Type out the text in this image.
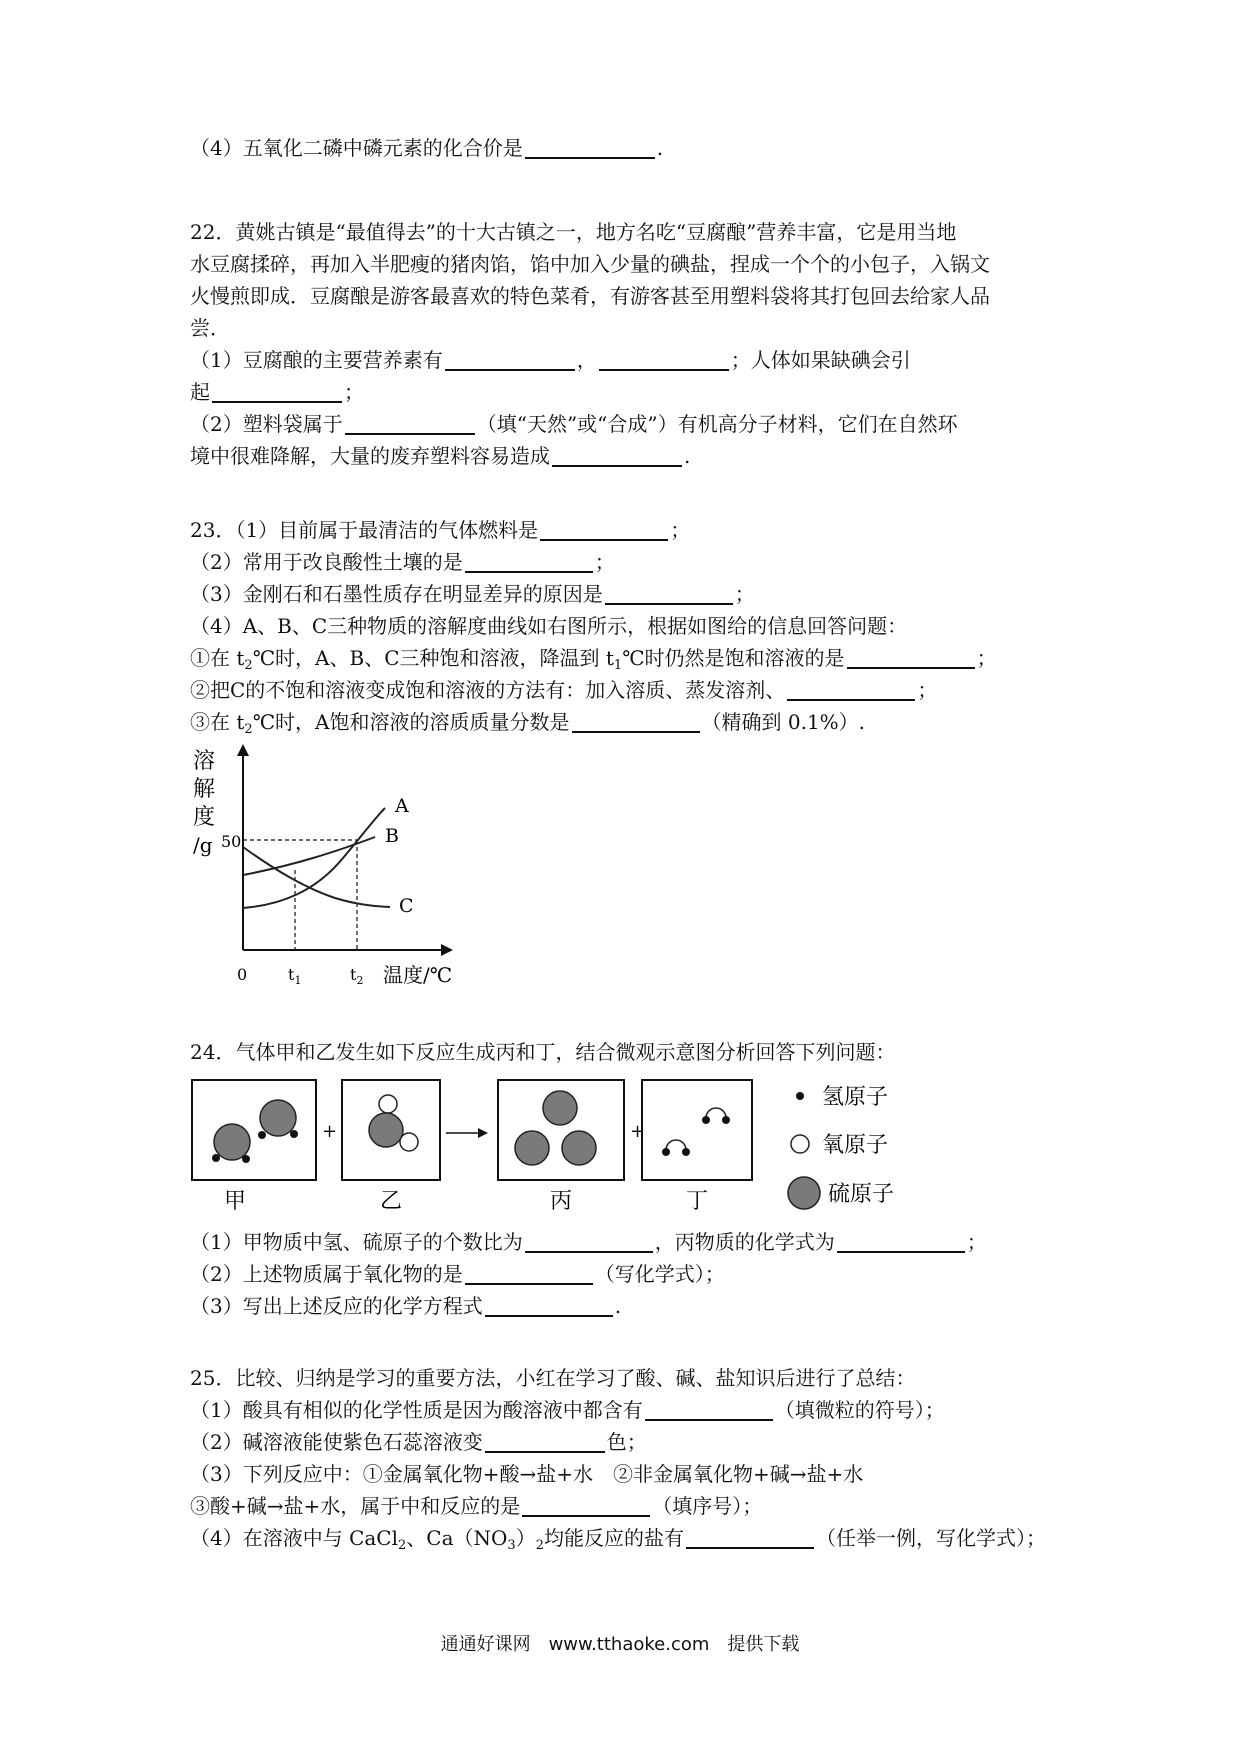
（4）五氧化二磷中磷元素的化合价是	.
22．黄姚古镇是“最值得去”的十大古镇之一，地方名吃“豆腐酿”营养丰富，它是用当地
水豆腐揉碎，再加入半肥瘦的猪肉馅，馅中加入少量的碘盐，捏成一个个的小包子，入锅文
火慢煎即成．豆腐酿是游客最喜欢的特色菜肴，有游客甚至用塑料袋将其打包回去给家人品
尝．
（1）豆腐酿的主要营养素有	，	；人体如果缺碘会引
起	；
（2）塑料袋属于	（填“天然”或“合成”）有机高分子材料，它们在自然环
境中很难降解，大量的废弃塑料容易造成	.
23．（1）目前属于最清洁的气体燃料是	；
（2）常用于改良酸性土壤的是	；
（3）金刚石和石墨性质存在明显差异的原因是	；
（4）A、B、C三种物质的溶解度曲线如右图所示，根据如图给的信息回答问题：
①在 $t_2℃$时，A、B、C三种饱和溶液，降温到 $t_1℃$时仍然是饱和溶液的是	；
②把C的不饱和溶液变成饱和溶液的方法有：加入溶质、蒸发溶剂、	；
③在 $t_2℃$时，A饱和溶液的溶质质量分数是	（精确到 0.1%）.
溶
解
度
/g
A
B
C
50
0	$t_1$	$t_2$ 温度/℃
24．气体甲和乙发生如下反应生成丙和丁，结合微观示意图分析回答下列问题：
甲
+
乙	丙
+
丁
氢原子
氧原子
硫原子
（1）甲物质中氢、硫原子的个数比为	，丙物质的化学式为	；
（2）上述物质属于氧化物的是	（写化学式）；
（3）写出上述反应的化学方程式	.
25．比较、归纳是学习的重要方法，小红在学习了酸、碱、盐知识后进行了总结：
（1）酸具有相似的化学性质是因为酸溶液中都含有	（填微粒的符号）；
（2）碱溶液能使紫色石蕊溶液变	色；
（3）下列反应中：①金属氧化物+酸→盐+水　②非金属氧化物+碱→盐+水
③酸+碱→盐+水，属于中和反应的是	（填序号）；
（4）在溶液中与 CaCl$_2$、$Ca(NO_3)_2$均能反应的盐有	（任举一例，写化学式）；
通通好课网　www.tthaoke.com　提供下载
